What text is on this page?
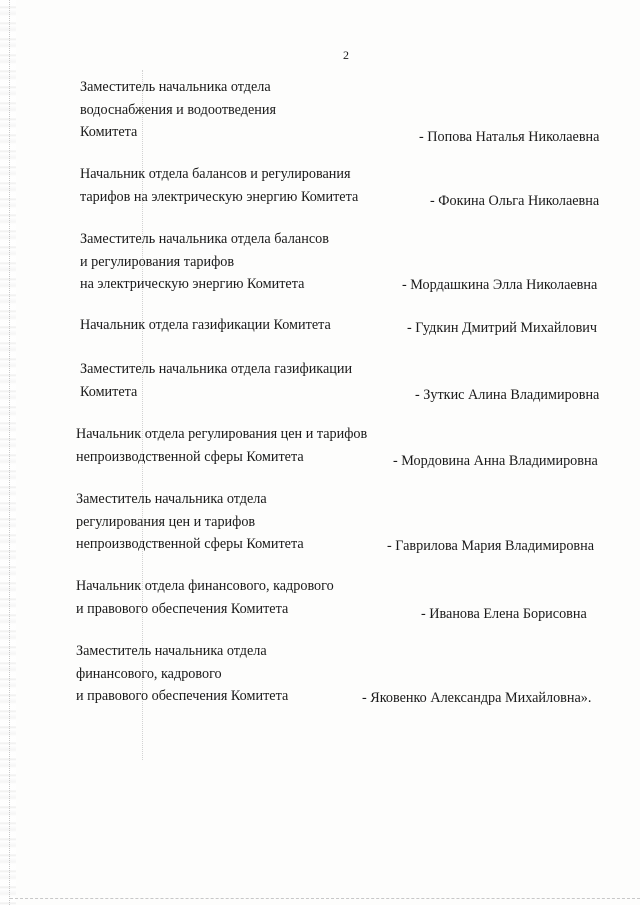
2
Заместитель начальника отдела
водоснабжения и водоотведения
Комитета	- Попова Наталья Николаевна
Начальник отдела балансов и регулирования
тарифов на электрическую энергию Комитета	- Фокина Ольга Николаевна
Заместитель начальника отдела балансов
и регулирования тарифов
на электрическую энергию Комитета	- Мордашкина Элла Николаевна
Начальник отдела газификации Комитета	- Гудкин Дмитрий Михайлович
Заместитель начальника отдела газификации
Комитета	- Зуткис Алина Владимировна
Начальник отдела регулирования цен и тарифов
непроизводственной сферы Комитета	- Мордовина Анна Владимировна
Заместитель начальника отдела
регулирования цен и тарифов
непроизводственной сферы Комитета	- Гаврилова Мария Владимировна
Начальник отдела финансового, кадрового
и правового обеспечения Комитета	- Иванова Елена Борисовна
Заместитель начальника отдела
финансового, кадрового
и правового обеспечения Комитета	- Яковенко Александра Михайловна».
